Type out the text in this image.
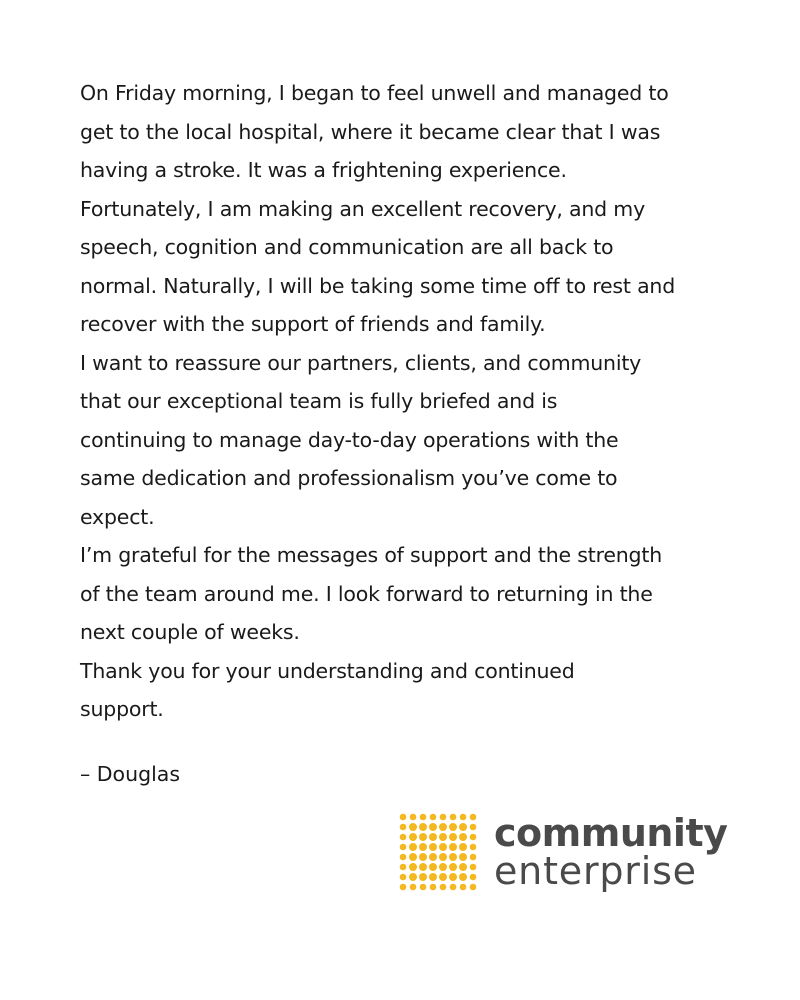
On Friday morning, I began to feel unwell and managed to
get to the local hospital, where it became clear that I was
having a stroke. It was a frightening experience.
Fortunately, I am making an excellent recovery, and my
speech, cognition and communication are all back to
normal. Naturally, I will be taking some time off to rest and
recover with the support of friends and family.

I want to reassure our partners, clients, and community
that our exceptional team is fully briefed and is
continuing to manage day-to-day operations with the
same dedication and professionalism you’ve come to
expect.

I’m grateful for the messages of support and the strength
of the team around me. I look forward to returning in the
next couple of weeks.

Thank you for your understanding and continued
support.

– Douglas

community
enterprise
